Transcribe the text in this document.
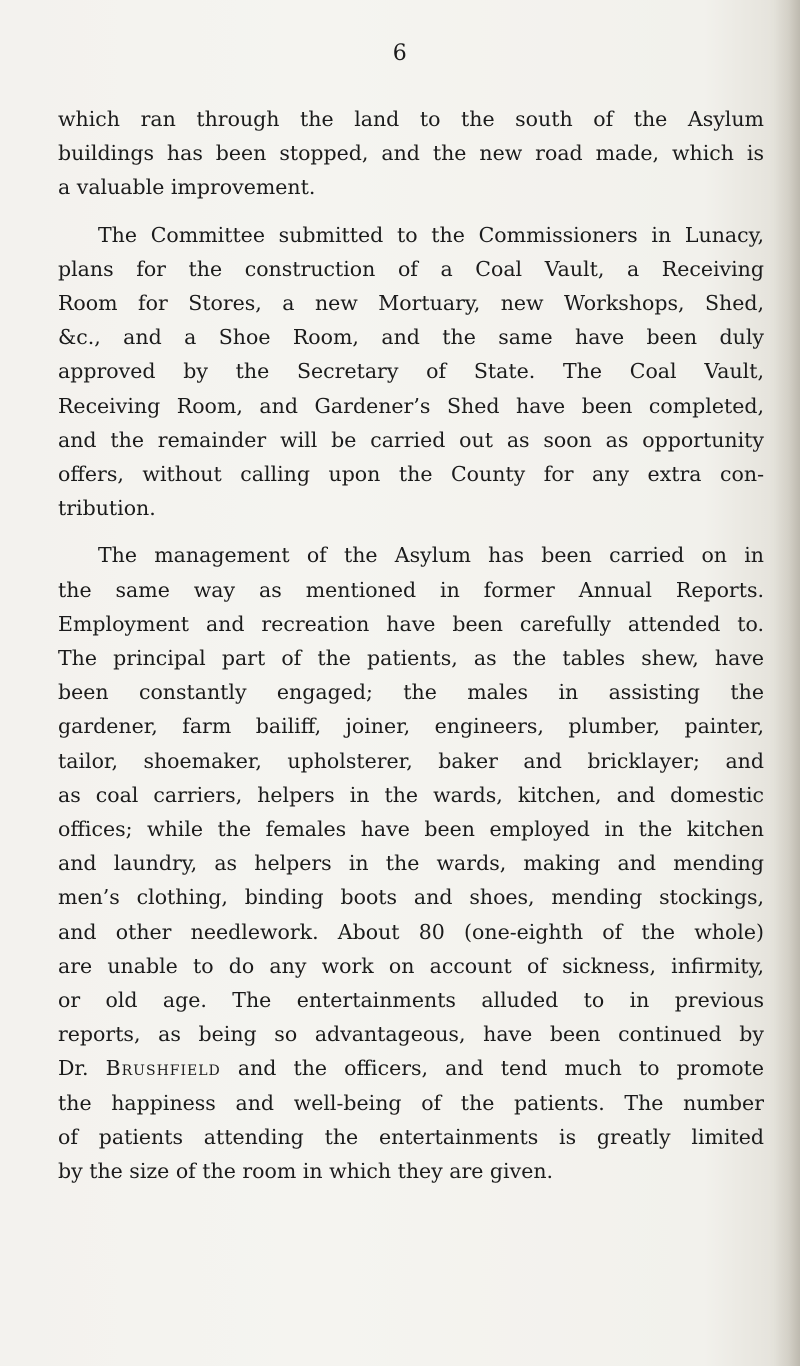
6

which ran through the land to the south of the Asylum
buildings has been stopped, and the new road made, which is
a valuable improvement.

The Committee submitted to the Commissioners in Lunacy,
plans for the construction of a Coal Vault, a Receiving
Room for Stores, a new Mortuary, new Workshops, Shed,
&c., and a Shoe Room, and the same have been duly
approved by the Secretary of State. The Coal Vault,
Receiving Room, and Gardener’s Shed have been completed,
and the remainder will be carried out as soon as opportunity
offers, without calling upon the County for any extra con-
tribution.

The management of the Asylum has been carried on in
the same way as mentioned in former Annual Reports.
Employment and recreation have been carefully attended to.
The principal part of the patients, as the tables shew, have
been constantly engaged; the males in assisting the
gardener, farm bailiff, joiner, engineers, plumber, painter,
tailor, shoemaker, upholsterer, baker and bricklayer; and
as coal carriers, helpers in the wards, kitchen, and domestic
offices; while the females have been employed in the kitchen
and laundry, as helpers in the wards, making and mending
men’s clothing, binding boots and shoes, mending stockings,
and other needlework. About 80 (one-eighth of the whole)
are unable to do any work on account of sickness, infirmity,
or old age. The entertainments alluded to in previous
reports, as being so advantageous, have been continued by
Dr. Brushfield and the officers, and tend much to promote
the happiness and well-being of the patients. The number
of patients attending the entertainments is greatly limited
by the size of the room in which they are given.
